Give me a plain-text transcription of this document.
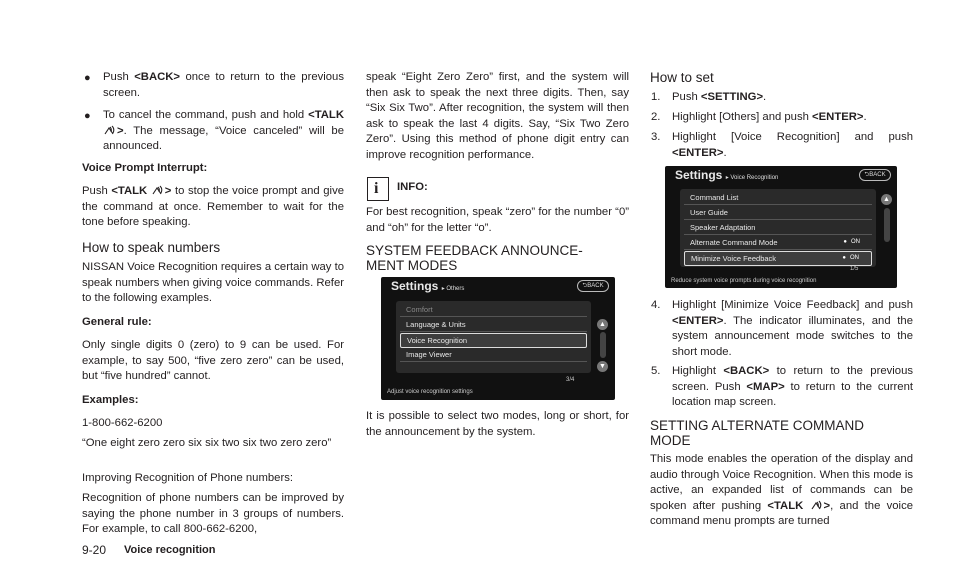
● Push <BACK> once to return to the previous screen.

● To cancel the command, push and hold <TALK >. The message, “Voice canceled” will be announced.

Voice Prompt Interrupt:

Push <TALK > to stop the voice prompt and give the command at once. Remember to wait for the tone before speaking.

How to speak numbers

NISSAN Voice Recognition requires a certain way to speak numbers when giving voice commands. Refer to the following examples.

General rule:

Only single digits 0 (zero) to 9 can be used. For example, to say 500, “five zero zero” can be used, but “five hundred” cannot.

Examples:

1-800-662-6200

“One eight zero zero six six two six two zero zero”

Improving Recognition of Phone numbers:

Recognition of phone numbers can be improved by saying the phone number in 3 groups of numbers. For example, to call 800-662-6200,

speak “Eight Zero Zero” first, and the system will then ask to speak the next three digits. Then, say “Six Six Two”. After recognition, the system will then ask to speak the last 4 digits. Say, “Six Two Zero Zero”. Using this method of phone digit entry can improve recognition performance.

i INFO:

For best recognition, speak “zero” for the number “0” and “oh” for the letter “o”.

SYSTEM FEEDBACK ANNOUNCE-
MENT MODES

Settings ▸ Others	⮌BACK
Comfort
Language & Units
Voice Recognition
Image Viewer
▲
▼
3/4
Adjust voice recognition settings

It is possible to select two modes, long or short, for the announcement by the system.

How to set

1. Push <SETTING>.

2. Highlight [Others] and push <ENTER>.

3. Highlight [Voice Recognition] and push <ENTER>.

Settings ▸ Voice Recognition	⮌BACK
Command List
User Guide
Speaker Adaptation
Alternate Command Mode	● ON
Minimize Voice Feedback	● ON
▲
1/5
Reduce system voice prompts during voice recognition
4. Highlight [Minimize Voice Feedback] and push <ENTER>. The indicator illuminates, and the system announcement mode switches to the short mode.

5. Highlight <BACK> to return to the previous screen. Push <MAP> to return to the current location map screen.

SETTING ALTERNATE COMMAND
MODE

This mode enables the operation of the display and audio through Voice Recognition. When this mode is active, an expanded list of commands can be spoken after pushing <TALK >, and the voice command menu prompts are turned

9-20 Voice recognition
